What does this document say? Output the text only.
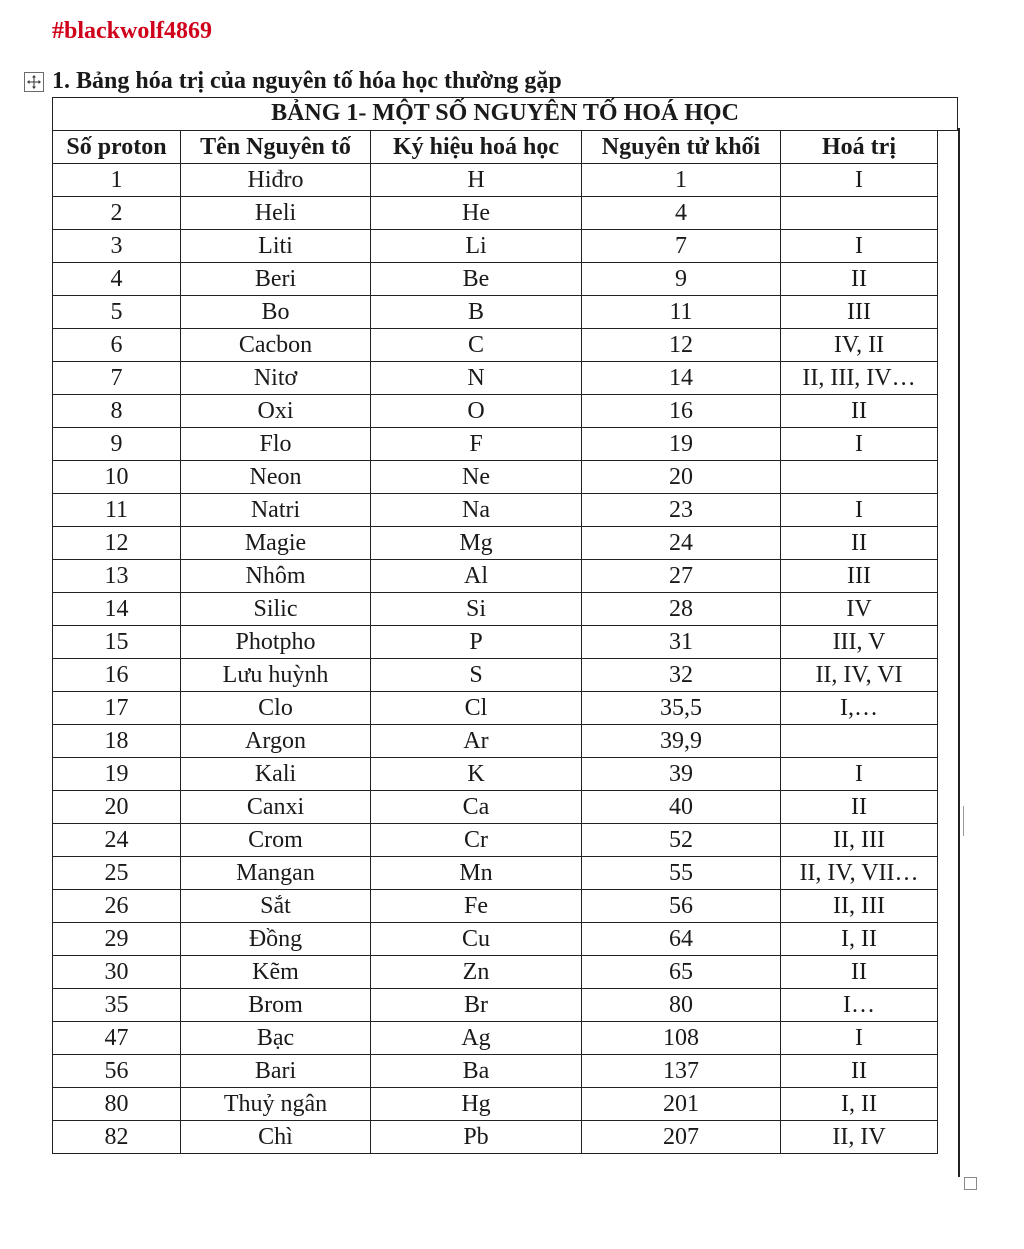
#blackwolf4869
1. Bảng hóa trị của nguyên tố hóa học thường gặp
BẢNG 1- MỘT SỐ NGUYÊN TỐ HOÁ HỌC
Số proton	Tên Nguyên tố	Ký hiệu hoá học	Nguyên tử khối	Hoá trị
1	Hiđro	H	1	I
2	Heli	He	4	
3	Liti	Li	7	I
4	Beri	Be	9	II
5	Bo	B	11	III
6	Cacbon	C	12	IV, II
7	Nitơ	N	14	II, III, IV…
8	Oxi	O	16	II
9	Flo	F	19	I
10	Neon	Ne	20	
11	Natri	Na	23	I
12	Magie	Mg	24	II
13	Nhôm	Al	27	III
14	Silic	Si	28	IV
15	Photpho	P	31	III, V
16	Lưu huỳnh	S	32	II, IV, VI
17	Clo	Cl	35,5	I,…
18	Argon	Ar	39,9	
19	Kali	K	39	I
20	Canxi	Ca	40	II
24	Crom	Cr	52	II, III
25	Mangan	Mn	55	II, IV, VII…
26	Sắt	Fe	56	II, III
29	Đồng	Cu	64	I, II
30	Kẽm	Zn	65	II
35	Brom	Br	80	I…
47	Bạc	Ag	108	I
56	Bari	Ba	137	II
80	Thuỷ ngân	Hg	201	I, II
82	Chì	Pb	207	II, IV
